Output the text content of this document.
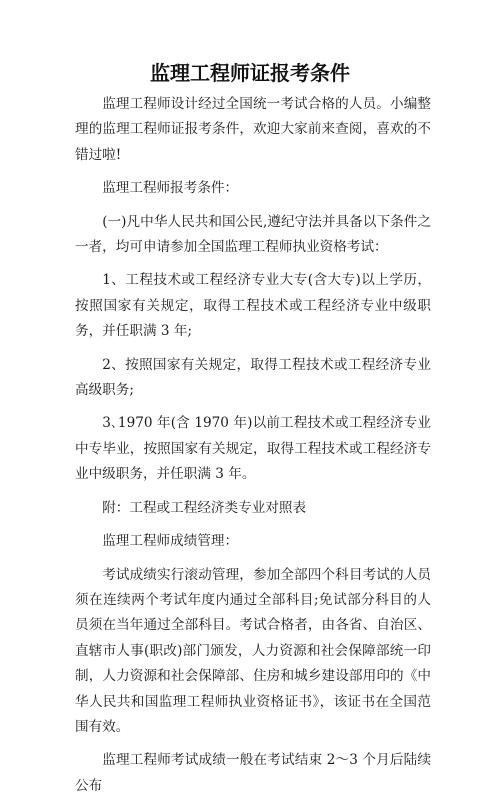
监理工程师证报考条件

监理工程师设计经过全国统一考试合格的人员。小编整理的监理工程师证报考条件，欢迎大家前来查阅，喜欢的不错过啦!

监理工程师报考条件：

(一)凡中华人民共和国公民,遵纪守法并具备以下条件之一者，均可申请参加全国监理工程师执业资格考试：

1、工程技术或工程经济专业大专(含大专)以上学历，按照国家有关规定，取得工程技术或工程经济专业中级职务，并任职满 3 年;

2、按照国家有关规定，取得工程技术或工程经济专业高级职务;

3､1970 年(含 1970 年)以前工程技术或工程经济专业中专毕业，按照国家有关规定，取得工程技术或工程经济专业中级职务，并任职满 3 年。

附：工程或工程经济类专业对照表

监理工程师成绩管理：

考试成绩实行滚动管理，参加全部四个科目考试的人员须在连续两个考试年度内通过全部科目;免试部分科目的人员须在当年通过全部科目。考试合格者，由各省、自治区、直辖市人事(职改)部门颁发，人力资源和社会保障部统一印制，人力资源和社会保障部、住房和城乡建设部用印的《中华人民共和国监理工程师执业资格证书》，该证书在全国范围有效。

监理工程师考试成绩一般在考试结束 2～3 个月后陆续公布
